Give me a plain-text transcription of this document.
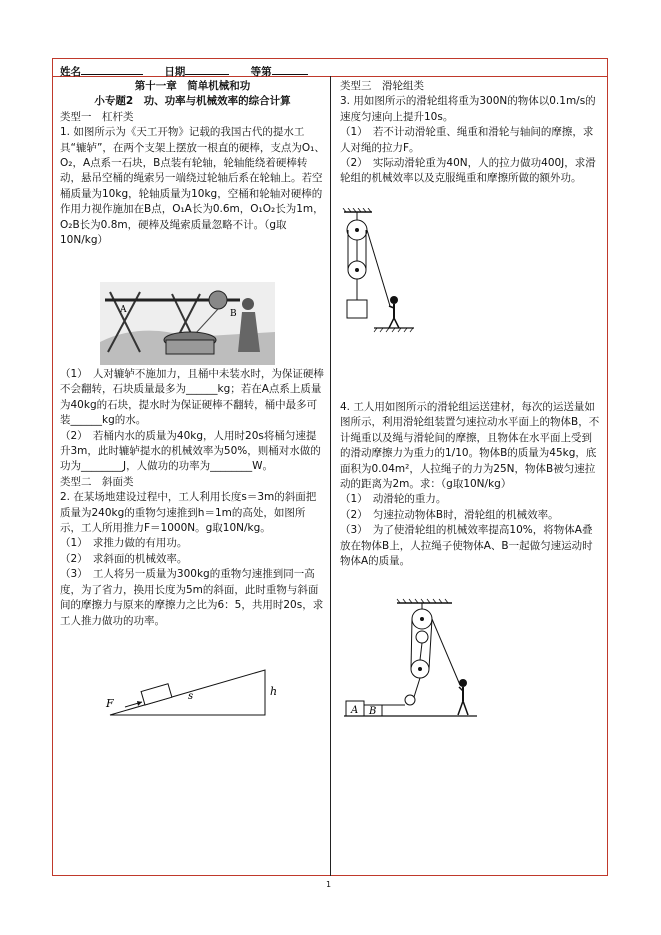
姓名	日期	等第

第十一章　简单机械和功

小专题2　功、功率与机械效率的综合计算

类型一　杠杆类

1. 如图所示为《天工开物》记载的我国古代的提水工具“辘轳”，在两个支架上摆放一根直的硬棒，支点为O₁、O₂，A点系一石块，B点装有轮轴，轮轴能绕着硬棒转动，悬吊空桶的绳索另一端绕过轮轴后系在轮轴上。若空桶质量为10kg，轮轴质量为10kg，空桶和轮轴对硬棒的作用力视作施加在B点，O₁A长为0.6m，O₁O₂长为1m，O₂B长为0.8m，硬棒及绳索质量忽略不计。（g取10N/kg）

A	B

（1）　人对辘轳不施加力，且桶中未装水时，为保证硬棒不会翻转，石块质量最多为______kg；若在A点系上质量为40kg的石块，提水时为保证硬棒不翻转，桶中最多可装______kg的水。

（2）　若桶内水的质量为40kg，人用时20s将桶匀速提升3m，此时辘轳提水的机械效率为50%，则桶对水做的功为________J，人做功的功率为________W。

类型二　斜面类

2. 在某场地建设过程中，工人利用长度s＝3m的斜面把质量为240kg的重物匀速推到h＝1m的高处，如图所示，工人所用推力F＝1000N。g取10N/kg。

（1）　求推力做的有用功。

（2）　求斜面的机械效率。

（3）　工人将另一质量为300kg的重物匀速推到同一高度，为了省力，换用长度为5m的斜面，此时重物与斜面间的摩擦力与原来的摩擦力之比为6：5，共用时20s，求工人推力做功的功率。

F
s	h

类型三　滑轮组类

3. 用如图所示的滑轮组将重为300N的物体以0.1m/s的速度匀速向上提升10s。

（1）　若不计动滑轮重、绳重和滑轮与轴间的摩擦，求人对绳的拉力F。

（2）　实际动滑轮重为40N，人的拉力做功400J，求滑轮组的机械效率以及克服绳重和摩擦所做的额外功。

4. 工人用如图所示的滑轮组运送建材，每次的运送量如图所示，利用滑轮组装置匀速拉动水平面上的物体B，不计绳重以及绳与滑轮间的摩擦，且物体在水平面上受到的滑动摩擦力为重力的1/10。物体B的质量为45kg，底面积为0.04m²，人拉绳子的力为25N，物体B被匀速拉动的距离为2m。求：（g取10N/kg）

（1）　动滑轮的重力。

（2）　匀速拉动物体B时，滑轮组的机械效率。

（3）　为了使滑轮组的机械效率提高10%，将物体A叠放在物体B上，人拉绳子使物体A、B一起做匀速运动时物体A的质量。

A B
1
